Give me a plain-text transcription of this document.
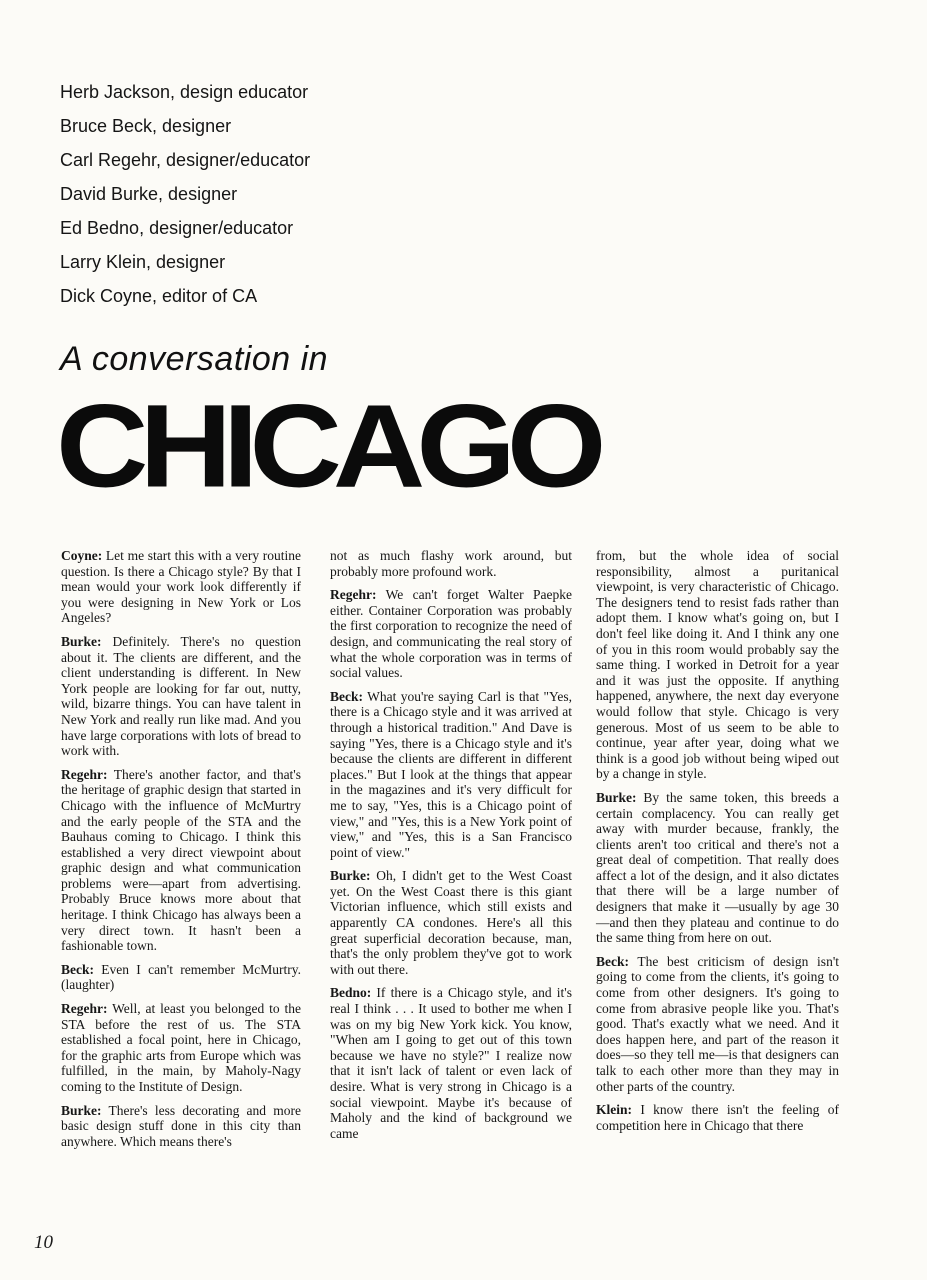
Herb Jackson, design educator
Bruce Beck, designer
Carl Regehr, designer/educator
David Burke, designer
Ed Bedno, designer/educator
Larry Klein, designer
Dick Coyne, editor of CA
A conversation in
CHICAGO

Coyne: Let me start this with a very routine question. Is there a Chicago style? By that I mean would your work look differently if you were designing in New York or Los Angeles?

Burke: Definitely. There's no question about it. The clients are different, and the client understanding is different. In New York people are looking for far out, nutty, wild, bizarre things. You can have talent in New York and really run like mad. And you have large corporations with lots of bread to work with.

Regehr: There's another factor, and that's the heritage of graphic design that started in Chicago with the influence of McMurtry and the early people of the STA and the Bauhaus coming to Chicago. I think this established a very direct viewpoint about graphic design and what communication problems were—apart from advertising. Probably Bruce knows more about that heritage. I think Chicago has always been a very direct town. It hasn't been a fashionable town.

Beck: Even I can't remember McMurtry. (laughter)

Regehr: Well, at least you belonged to the STA before the rest of us. The STA established a focal point, here in Chicago, for the graphic arts from Europe which was fulfilled, in the main, by Maholy-Nagy coming to the Institute of Design.

Burke: There's less decorating and more basic design stuff done in this city than anywhere. Which means there's

not as much flashy work around, but probably more profound work.

Regehr: We can't forget Walter Paepke either. Container Corporation was probably the first corporation to recognize the need of design, and communicating the real story of what the whole corporation was in terms of social values.

Beck: What you're saying Carl is that "Yes, there is a Chicago style and it was arrived at through a historical tradition." And Dave is saying "Yes, there is a Chicago style and it's because the clients are different in different places." But I look at the things that appear in the magazines and it's very difficult for me to say, "Yes, this is a Chicago point of view," and "Yes, this is a New York point of view," and "Yes, this is a San Francisco point of view."

Burke: Oh, I didn't get to the West Coast yet. On the West Coast there is this giant Victorian influence, which still exists and apparently CA condones. Here's all this great superficial decoration because, man, that's the only problem they've got to work with out there.

Bedno: If there is a Chicago style, and it's real I think . . . It used to bother me when I was on my big New York kick. You know, "When am I going to get out of this town because we have no style?" I realize now that it isn't lack of talent or even lack of desire. What is very strong in Chicago is a social viewpoint. Maybe it's because of Maholy and the kind of background we came

from, but the whole idea of social responsibility, almost a puritanical viewpoint, is very characteristic of Chicago. The designers tend to resist fads rather than adopt them. I know what's going on, but I don't feel like doing it. And I think any one of you in this room would probably say the same thing. I worked in Detroit for a year and it was just the opposite. If anything happened, anywhere, the next day everyone would follow that style. Chicago is very generous. Most of us seem to be able to continue, year after year, doing what we think is a good job without being wiped out by a change in style.

Burke: By the same token, this breeds a certain complacency. You can really get away with murder because, frankly, the clients aren't too critical and there's not a great deal of competition. That really does affect a lot of the design, and it also dictates that there will be a large number of designers that make it —usually by age 30—and then they plateau and continue to do the same thing from here on out.

Beck: The best criticism of design isn't going to come from the clients, it's going to come from other designers. It's going to come from abrasive people like you. That's good. That's exactly what we need. And it does happen here, and part of the reason it does—so they tell me—is that designers can talk to each other more than they may in other parts of the country.

Klein: I know there isn't the feeling of competition here in Chicago that there

10
